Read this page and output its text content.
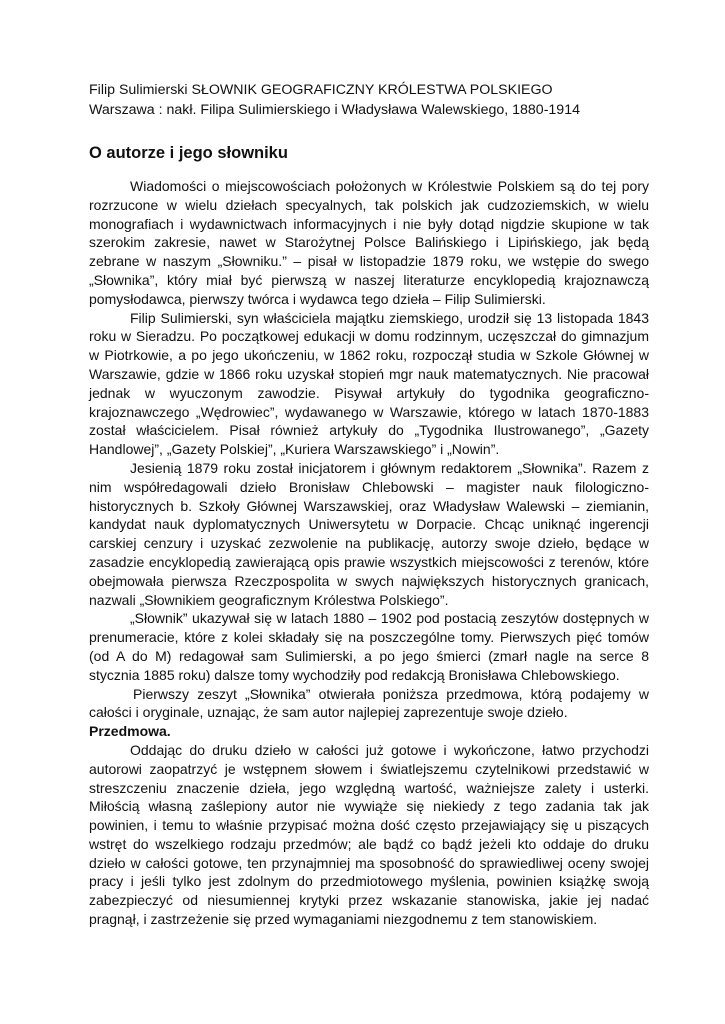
Filip Sulimierski SŁOWNIK GEOGRAFICZNY KRÓLESTWA POLSKIEGO
Warszawa : nakł. Filipa Sulimierskiego i Władysława Walewskiego, 1880-1914
O autorze i jego słowniku

Wiadomości o miejscowościach położonych w Królestwie Polskiem są do tej pory rozrzucone w wielu dziełach specyalnych, tak polskich jak cudzoziemskich, w wielu monografiach i wydawnictwach informacyjnych i nie były dotąd nigdzie skupione w tak szerokim zakresie, nawet w Starożytnej Polsce Balińskiego i Lipińskiego, jak będą zebrane w naszym „Słowniku.” – pisał w listopadzie 1879 roku, we wstępie do swego „Słownika”, który miał być pierwszą w naszej literaturze encyklopedią krajoznawczą pomysłodawca, pierwszy twórca i wydawca tego dzieła – Filip Sulimierski.

Filip Sulimierski, syn właściciela majątku ziemskiego, urodził się 13 listopada 1843 roku w Sieradzu. Po początkowej edukacji w domu rodzinnym, uczęszczał do gimnazjum w Piotrkowie, a po jego ukończeniu, w 1862 roku, rozpoczął studia w Szkole Głównej w Warszawie, gdzie w 1866 roku uzyskał stopień mgr nauk matematycznych. Nie pracował jednak w wyuczonym zawodzie. Pisywał artykuły do tygodnika geograficzno-krajoznawczego „Wędrowiec”, wydawanego w Warszawie, którego w latach 1870-1883 został właścicielem. Pisał również artykuły do „Tygodnika Ilustrowanego”, „Gazety Handlowej”, „Gazety Polskiej”, „Kuriera Warszawskiego” i „Nowin”.

Jesienią 1879 roku został inicjatorem i głównym redaktorem „Słownika”. Razem z nim współredagowali dzieło Bronisław Chlebowski – magister nauk filologiczno-historycznych b. Szkoły Głównej Warszawskiej, oraz Władysław Walewski – ziemianin, kandydat nauk dyplomatycznych Uniwersytetu w Dorpacie. Chcąc uniknąć ingerencji carskiej cenzury i uzyskać zezwolenie na publikację, autorzy swoje dzieło, będące w zasadzie encyklopedią zawierającą opis prawie wszystkich miejscowości z terenów, które obejmowała pierwsza Rzeczpospolita w swych największych historycznych granicach, nazwali „Słownikiem geograficznym Królestwa Polskiego”.

„Słownik” ukazywał się w latach 1880 – 1902 pod postacią zeszytów dostępnych w prenumeracie, które z kolei składały się na poszczególne tomy. Pierwszych pięć tomów (od A do M) redagował sam Sulimierski, a po jego śmierci (zmarł nagle na serce 8 stycznia 1885 roku) dalsze tomy wychodziły pod redakcją Bronisława Chlebowskiego.

Pierwszy zeszyt „Słownika” otwierała poniższa przedmowa, którą podajemy w całości i oryginale, uznając, że sam autor najlepiej zaprezentuje swoje dzieło.

Przedmowa.

Oddając do druku dzieło w całości już gotowe i wykończone, łatwo przychodzi autorowi zaopatrzyć je wstępnem słowem i światlejszemu czytelnikowi przedstawić w streszczeniu znaczenie dzieła, jego względną wartość, ważniejsze zalety i usterki. Miłością własną zaślepiony autor nie wywiąże się niekiedy z tego zadania tak jak powinien, i temu to właśnie przypisać można dość często przejawiający się u piszących wstręt do wszelkiego rodzaju przedmów; ale bądź co bądź jeżeli kto oddaje do druku dzieło w całości gotowe, ten przynajmniej ma sposobność do sprawiedliwej oceny swojej pracy i jeśli tylko jest zdolnym do przedmiotowego myślenia, powinien książkę swoją zabezpieczyć od niesumiennej krytyki przez wskazanie stanowiska, jakie jej nadać pragnął, i zastrzeżenie się przed wymaganiami niezgodnemu z tem stanowiskiem.
